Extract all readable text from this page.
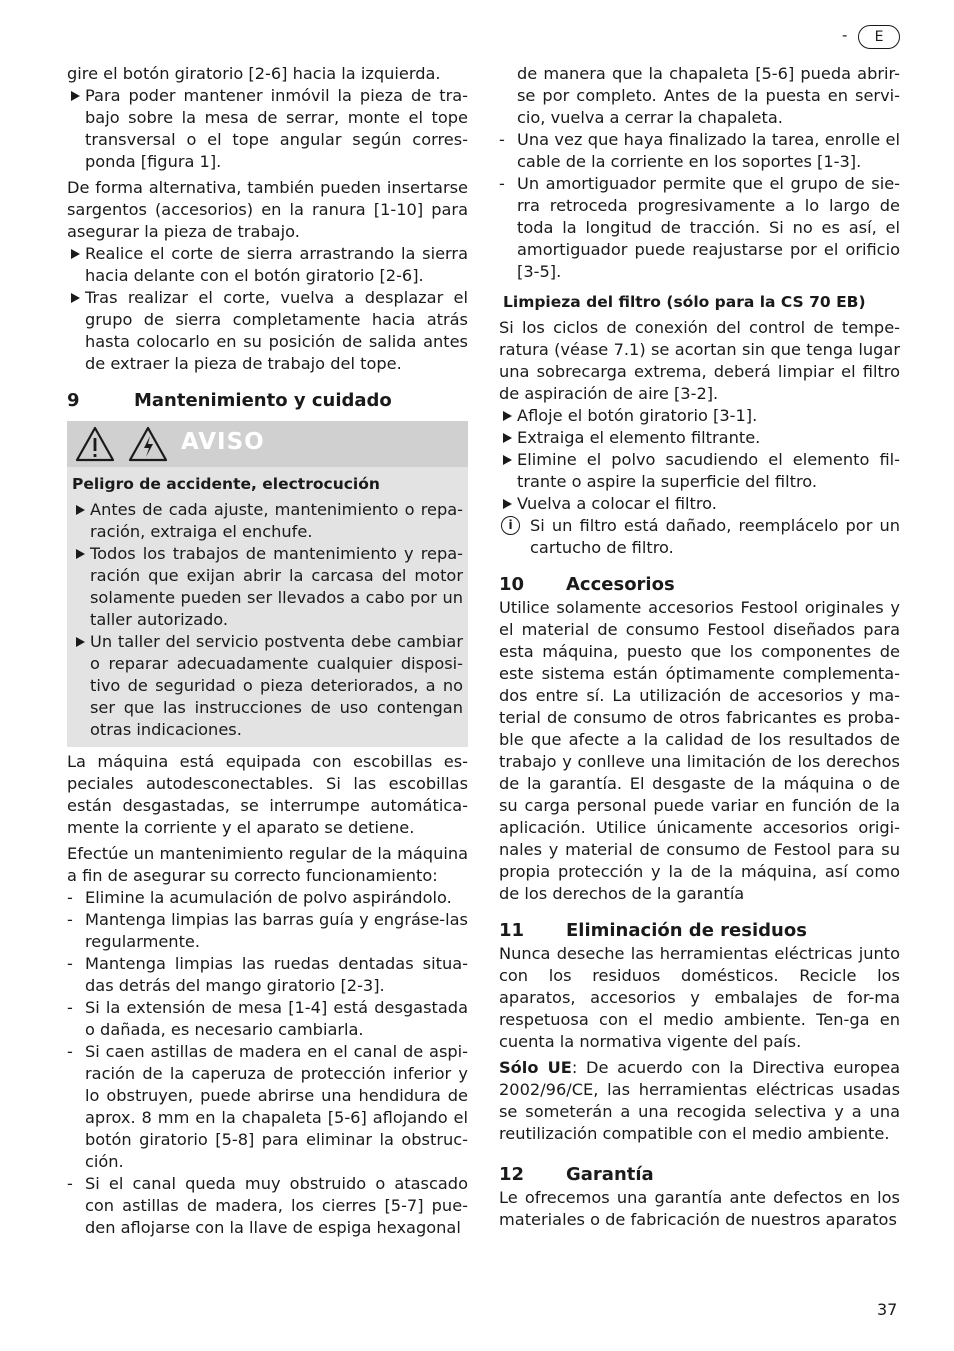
-	E

gire el botón giratorio [2-6] hacia la izquierda.

Para poder mantener inmóvil la pieza de tra-bajo sobre la mesa de serrar, monte el tope transversal o el tope angular según corres-ponda [figura 1].

De forma alternativa, también pueden insertarse sargentos (accesorios) en la ranura [1-10] para asegurar la pieza de trabajo.

Realice el corte de sierra arrastrando la sierra hacia delante con el botón giratorio [2-6].

Tras realizar el corte, vuelva a desplazar el grupo de sierra completamente hacia atrás hasta colocarlo en su posición de salida antes de extraer la pieza de trabajo del tope.

9	Mantenimiento y cuidado
AVISO
Peligro de accidente, electrocución

Antes de cada ajuste, mantenimiento o repa-ración, extraiga el enchufe.

Todos los trabajos de mantenimiento y repa-ración que exijan abrir la carcasa del motor solamente pueden ser llevados a cabo por un taller autorizado.

Un taller del servicio postventa debe cambiar o reparar adecuadamente cualquier disposi-tivo de seguridad o pieza deteriorados, a no ser que las instrucciones de uso contengan otras indicaciones.

La máquina está equipada con escobillas es-peciales autodesconectables. Si las escobillas están desgastadas, se interrumpe automática-mente la corriente y el aparato se detiene.

Efectúe un mantenimiento regular de la máquina a fin de asegurar su correcto funcionamiento:

- Elimine la acumulación de polvo aspirándolo.

- Mantenga limpias las barras guía y engráse-las regularmente.

- Mantenga limpias las ruedas dentadas situa-das detrás del mango giratorio [2-3].

- Si la extensión de mesa [1-4] está desgastada o dañada, es necesario cambiarla.

- Si caen astillas de madera en el canal de aspi-ración de la caperuza de protección inferior y lo obstruyen, puede abrirse una hendidura de aprox. 8 mm en la chapaleta [5-6] aflojando el botón giratorio [5-8] para eliminar la obstruc-ción.

- Si el canal queda muy obstruido o atascado con astillas de madera, los cierres [5-7] pue-den aflojarse con la llave de espiga hexagonal

de manera que la chapaleta [5-6] pueda abrir-se por completo. Antes de la puesta en servi-cio, vuelva a cerrar la chapaleta.

- Una vez que haya finalizado la tarea, enrolle el cable de la corriente en los soportes [1-3].

- Un amortiguador permite que el grupo de sie-rra retroceda progresivamente a lo largo de toda la longitud de tracción. Si no es así, el amortiguador puede reajustarse por el orificio [3-5].

Limpieza del filtro (sólo para la CS 70 EB)

Si los ciclos de conexión del control de tempe-ratura (véase 7.1) se acortan sin que tenga lugar una sobrecarga extrema, deberá limpiar el filtro de aspiración de aire [3-2].

Afloje el botón giratorio [3-1].

Extraiga el elemento filtrante.

Elimine el polvo sacudiendo el elemento fil-trante o aspire la superficie del filtro.

Vuelva a colocar el filtro.

i	Si un filtro está dañado, reemplácelo por un cartucho de filtro.

10 Accesorios

Utilice solamente accesorios Festool originales y el material de consumo Festool diseñados para esta máquina, puesto que los componentes de este sistema están óptimamente complementa-dos entre sí. La utilización de accesorios y ma-terial de consumo de otros fabricantes es proba-ble que afecte a la calidad de los resultados de trabajo y conlleve una limitación de los derechos de la garantía. El desgaste de la máquina o de su carga personal puede variar en función de la aplicación. Utilice únicamente accesorios origi-nales y material de consumo de Festool para su propia protección y la de la máquina, así como de los derechos de la garantía

11 Eliminación de residuos

Nunca deseche las herramientas eléctricas junto con los residuos domésticos. Recicle los aparatos, accesorios y embalajes de for-ma respetuosa con el medio ambiente. Ten-ga en cuenta la normativa vigente del país.

Sólo UE: De acuerdo con la Directiva europea 2002/96/CE, las herramientas eléctricas usadas se someterán a una recogida selectiva y a una reutilización compatible con el medio ambiente.

12 Garantía

Le ofrecemos una garantía ante defectos en los materiales o de fabricación de nuestros aparatos

37
